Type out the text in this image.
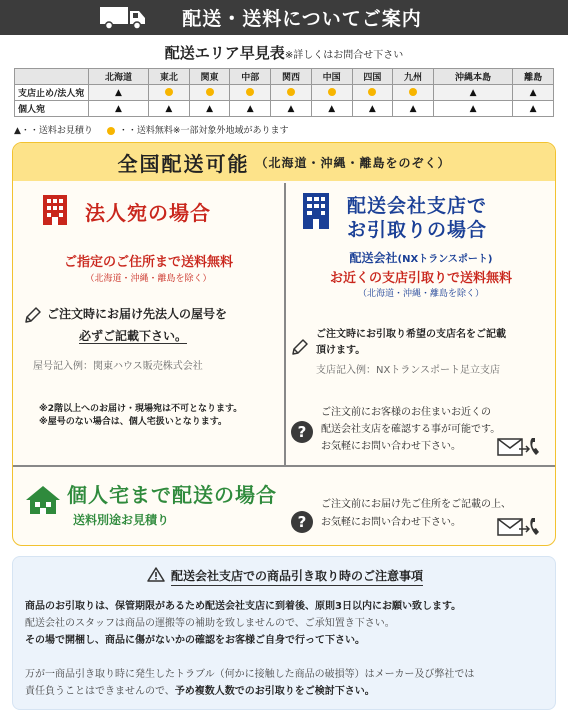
配送・送料についてご案内
配送エリア早見表※詳しくはお問合せ下さい
	北海道	東北	関東	中部	関西	中国	四国	九州	沖縄本島	離島
支店止め/法人宛	▲								▲	▲
個人宛	▲	▲	▲	▲	▲	▲	▲	▲	▲	▲
▲・・送料お見積り	・・送料無料※一部対象外地域があります
全国配送可能 （北海道・沖縄・離島をのぞく）
法人宛の場合
ご指定のご住所まで送料無料
（北海道・沖縄・離島を除く）
ご注文時にお届け先法人の屋号を
必ずご記載下さい。
屋号記入例：関東ハウス販売株式会社
※2階以上へのお届け・現場宛は不可となります。
※屋号のない場合は、個人宅扱いとなります。
配送会社支店で
お引取りの場合
配送会社(NXトランスポート)
お近くの支店引取りで送料無料
（北海道・沖縄・離島を除く）
ご注文時にお引取り希望の支店名をご記載
頂けます。
支店記入例：NXトランスポート足立支店
?
ご注文前にお客様のお住まいお近くの
配送会社支店を確認する事が可能です。
お気軽にお問い合わせ下さい。
個人宅まで配送の場合
送料別途お見積り	?
ご注文前にお届け先ご住所をご記載の上、
お気軽にお問い合わせ下さい。
配送会社支店での商品引き取り時のご注意事項
商品のお引取りは、保管期限があるため配送会社支店に到着後、原則3日以内にお願い致します。
配送会社のスタッフは商品の運搬等の補助を致しませんので、ご承知置き下さい。
その場で開梱し、商品に傷がないかの確認をお客様ご自身で行って下さい。
万が一商品引き取り時に発生したトラブル（何かに接触した商品の破損等）はメーカー及び弊社では
責任負うことはできませんので、予め複数人数でのお引取りをご検討下さい。
